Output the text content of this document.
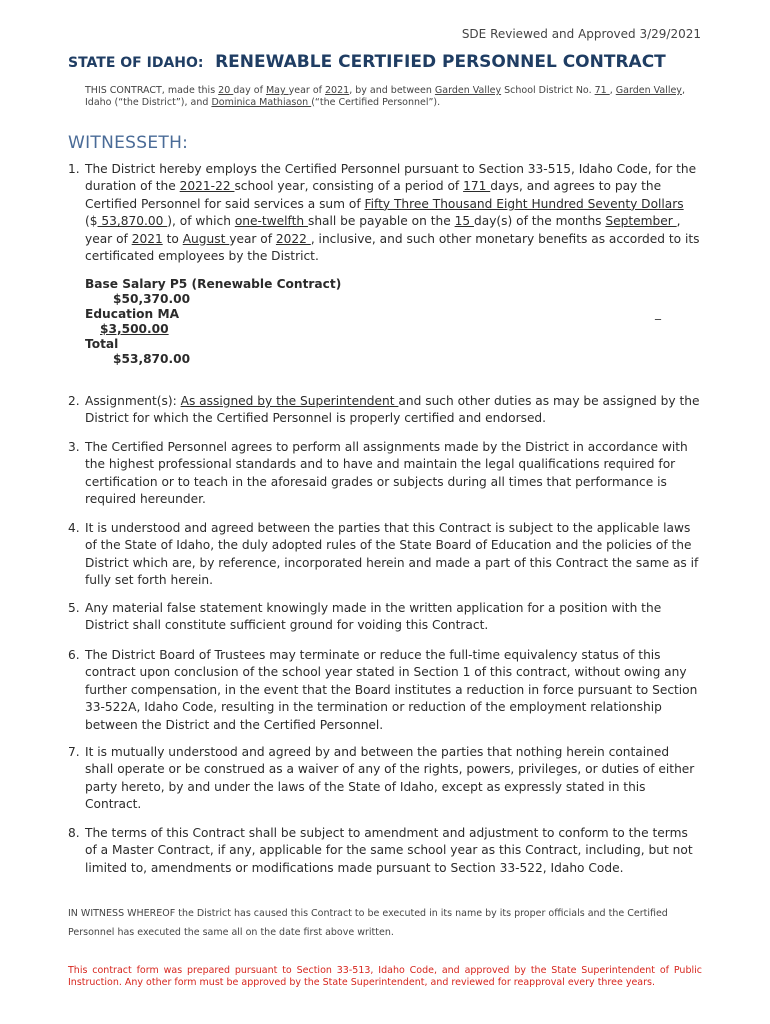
SDE Reviewed and Approved 3/29/2021
STATE OF IDAHO: RENEWABLE CERTIFIED PERSONNEL CONTRACT
THIS CONTRACT, made this 20 day of May year of 2021, by and between Garden Valley School District No. 71 , Garden Valley, Idaho (“the District”), and Dominica Mathiason (“the Certified Personnel”).
WITNESSETH:
1. The District hereby employs the Certified Personnel pursuant to Section 33-515, Idaho Code, for the duration of the 2021-22 school year, consisting of a period of 171 days, and agrees to pay the Certified Personnel for said services a sum of Fifty Three Thousand Eight Hundred Seventy Dollars ($ 53,870.00 ), of which one-twelfth shall be payable on the 15 day(s) of the months September , year of 2021 to August year of 2022 , inclusive, and such other monetary benefits as accorded to its certificated employees by the District.
Base Salary P5 (Renewable Contract)
$50,370.00
Education MA	_
$3,500.00
Total
$53,870.00
2. Assignment(s): As assigned by the Superintendent and such other duties as may be assigned by the District for which the Certified Personnel is properly certified and endorsed.
3. The Certified Personnel agrees to perform all assignments made by the District in accordance with the highest professional standards and to have and maintain the legal qualifications required for certification or to teach in the aforesaid grades or subjects during all times that performance is required hereunder.
4. It is understood and agreed between the parties that this Contract is subject to the applicable laws of the State of Idaho, the duly adopted rules of the State Board of Education and the policies of the District which are, by reference, incorporated herein and made a part of this Contract the same as if fully set forth herein.
5. Any material false statement knowingly made in the written application for a position with the District shall constitute sufficient ground for voiding this Contract.
6. The District Board of Trustees may terminate or reduce the full-time equivalency status of this contract upon conclusion of the school year stated in Section 1 of this contract, without owing any further compensation, in the event that the Board institutes a reduction in force pursuant to Section 33-522A, Idaho Code, resulting in the termination or reduction of the employment relationship between the District and the Certified Personnel.
7. It is mutually understood and agreed by and between the parties that nothing herein contained shall operate or be construed as a waiver of any of the rights, powers, privileges, or duties of either party hereto, by and under the laws of the State of Idaho, except as expressly stated in this Contract.
8. The terms of this Contract shall be subject to amendment and adjustment to conform to the terms of a Master Contract, if any, applicable for the same school year as this Contract, including, but not limited to, amendments or modifications made pursuant to Section 33-522, Idaho Code.
IN WITNESS WHEREOF the District has caused this Contract to be executed in its name by its proper officials and the Certified Personnel has executed the same all on the date first above written.
This contract form was prepared pursuant to Section 33-513, Idaho Code, and approved by the State Superintendent of Public Instruction. Any other form must be approved by the State Superintendent, and reviewed for reapproval every three years.
